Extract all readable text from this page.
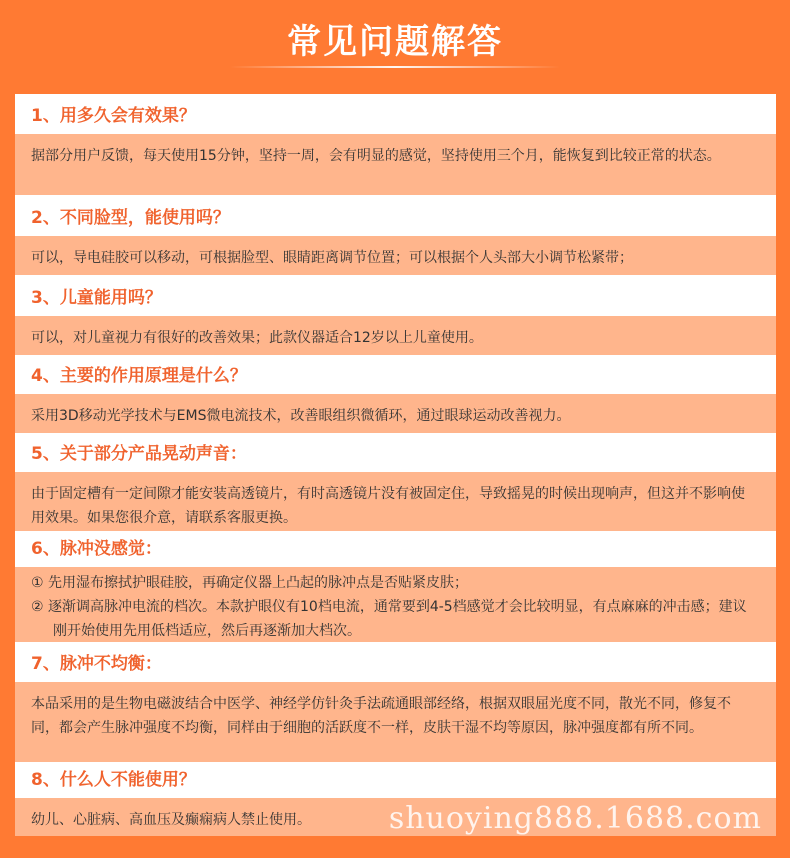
常见问题解答
1、用多久会有效果？

据部分用户反馈，每天使用15分钟，坚持一周，会有明显的感觉，坚持使用三个月，能恢复到比较正常的状态。

2、不同脸型，能使用吗？

可以，导电硅胶可以移动，可根据脸型、眼睛距离调节位置；可以根据个人头部大小调节松紧带；

3、儿童能用吗？

可以，对儿童视力有很好的改善效果；此款仪器适合12岁以上儿童使用。

4、主要的作用原理是什么？

采用3D移动光学技术与EMS微电流技术，改善眼组织微循环，通过眼球运动改善视力。

5、关于部分产品晃动声音：

由于固定槽有一定间隙才能安装高透镜片，有时高透镜片没有被固定住，导致摇晃的时候出现响声，但这并不影响使用效果。如果您很介意，请联系客服更换。

6、脉冲没感觉：
① 先用湿布擦拭护眼硅胶，再确定仪器上凸起的脉冲点是否贴紧皮肤；
② 逐渐调高脉冲电流的档次。本款护眼仪有10档电流，通常要到4-5档感觉才会比较明显，有点麻麻的冲击感；建议刚开始使用先用低档适应，然后再逐渐加大档次。
7、脉冲不均衡：

本品采用的是生物电磁波结合中医学、神经学仿针灸手法疏通眼部经络，根据双眼屈光度不同，散光不同，修复不同，都会产生脉冲强度不均衡，同样由于细胞的活跃度不一样，皮肤干湿不均等原因，脉冲强度都有所不同。

8、什么人不能使用？

幼儿、心脏病、高血压及癫痫病人禁止使用。	shuoying888.1688.com
